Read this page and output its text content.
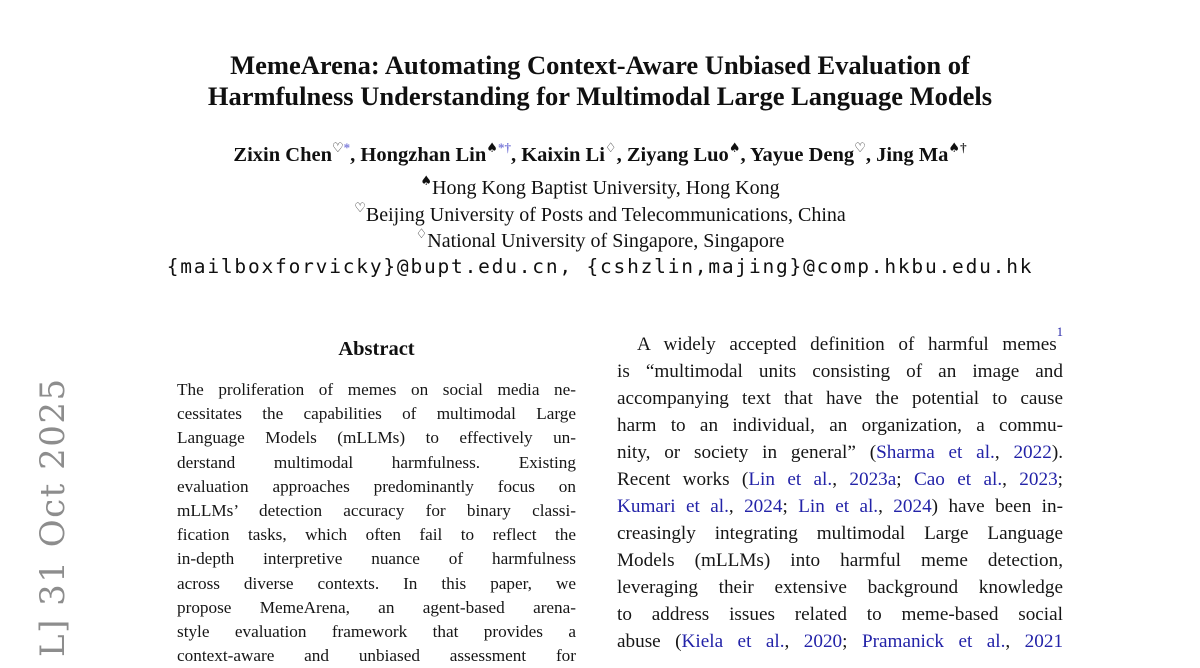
L] 31 Oct 2025
MemeArena: Automating Context-Aware Unbiased Evaluation of
Harmfulness Understanding for Multimodal Large Language Models
Zixin Chen♡*, Hongzhan Lin♠*†, Kaixin Li♢, Ziyang Luo♠, Yayue Deng♡, Jing Ma♠†
♠Hong Kong Baptist University, Hong Kong
♡Beijing University of Posts and Telecommunications, China
♢National University of Singapore, Singapore
{mailboxforvicky}@bupt.edu.cn, {cshzlin,majing}@comp.hkbu.edu.hk
Abstract
The proliferation of memes on social media ne-
cessitates the capabilities of multimodal Large
Language Models (mLLMs) to effectively un-
derstand multimodal harmfulness. Existing
evaluation approaches predominantly focus on
mLLMs’ detection accuracy for binary classi-
fication tasks, which often fail to reflect the
in-depth interpretive nuance of harmfulness
across diverse contexts. In this paper, we
propose MemeArena, an agent-based arena-
style evaluation framework that provides a
context-aware and unbiased assessment for
A widely accepted definition of harmful memes$^1$
is “multimodal units consisting of an image and
accompanying text that have the potential to cause
harm to an individual, an organization, a commu-
nity, or society in general” (Sharma et al., 2022).
Recent works (Lin et al., 2023a; Cao et al., 2023;
Kumari et al., 2024; Lin et al., 2024) have been in-
creasingly integrating multimodal Large Language
Models (mLLMs) into harmful meme detection,
leveraging their extensive background knowledge
to address issues related to meme-based social
abuse (Kiela et al., 2020; Pramanick et al., 2021
